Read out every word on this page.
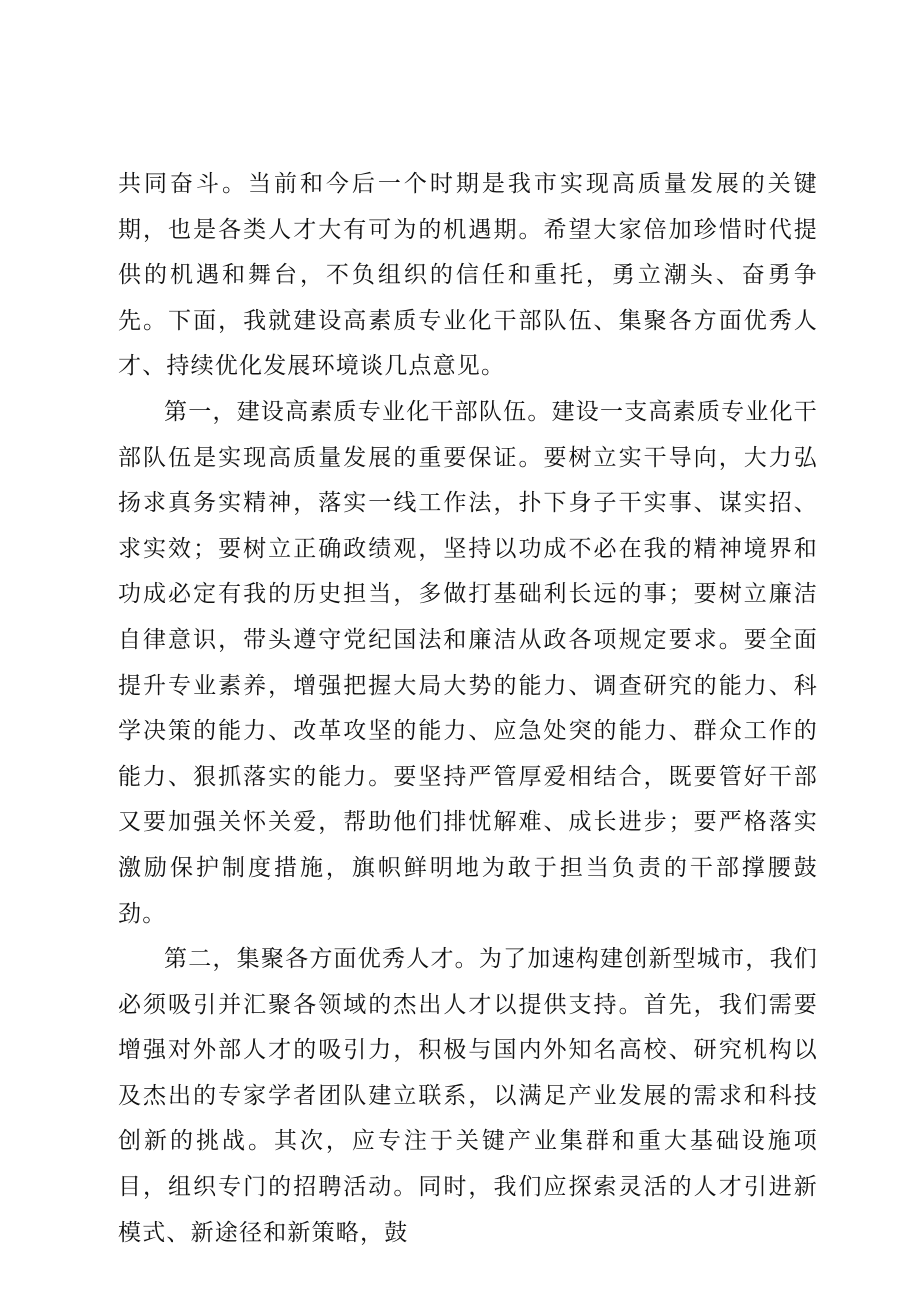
共同奋斗。当前和今后一个时期是我市实现高质量发展的关键期，也是各类人才大有可为的机遇期。希望大家倍加珍惜时代提供的机遇和舞台，不负组织的信任和重托，勇立潮头、奋勇争先。下面，我就建设高素质专业化干部队伍、集聚各方面优秀人才、持续优化发展环境谈几点意见。

第一，建设高素质专业化干部队伍。建设一支高素质专业化干部队伍是实现高质量发展的重要保证。要树立实干导向，大力弘扬求真务实精神，落实一线工作法，扑下身子干实事、谋实招、求实效；要树立正确政绩观，坚持以功成不必在我的精神境界和功成必定有我的历史担当，多做打基础利长远的事；要树立廉洁自律意识，带头遵守党纪国法和廉洁从政各项规定要求。要全面提升专业素养，增强把握大局大势的能力、调查研究的能力、科学决策的能力、改革攻坚的能力、应急处突的能力、群众工作的能力、狠抓落实的能力。要坚持严管厚爱相结合，既要管好干部又要加强关怀关爱，帮助他们排忧解难、成长进步；要严格落实激励保护制度措施，旗帜鲜明地为敢于担当负责的干部撑腰鼓劲。

第二，集聚各方面优秀人才。为了加速构建创新型城市，我们必须吸引并汇聚各领域的杰出人才以提供支持。首先，我们需要增强对外部人才的吸引力，积极与国内外知名高校、研究机构以及杰出的专家学者团队建立联系，以满足产业发展的需求和科技创新的挑战。其次，应专注于关键产业集群和重大基础设施项目，组织专门的招聘活动。同时，我们应探索灵活的人才引进新模式、新途径和新策略，鼓
